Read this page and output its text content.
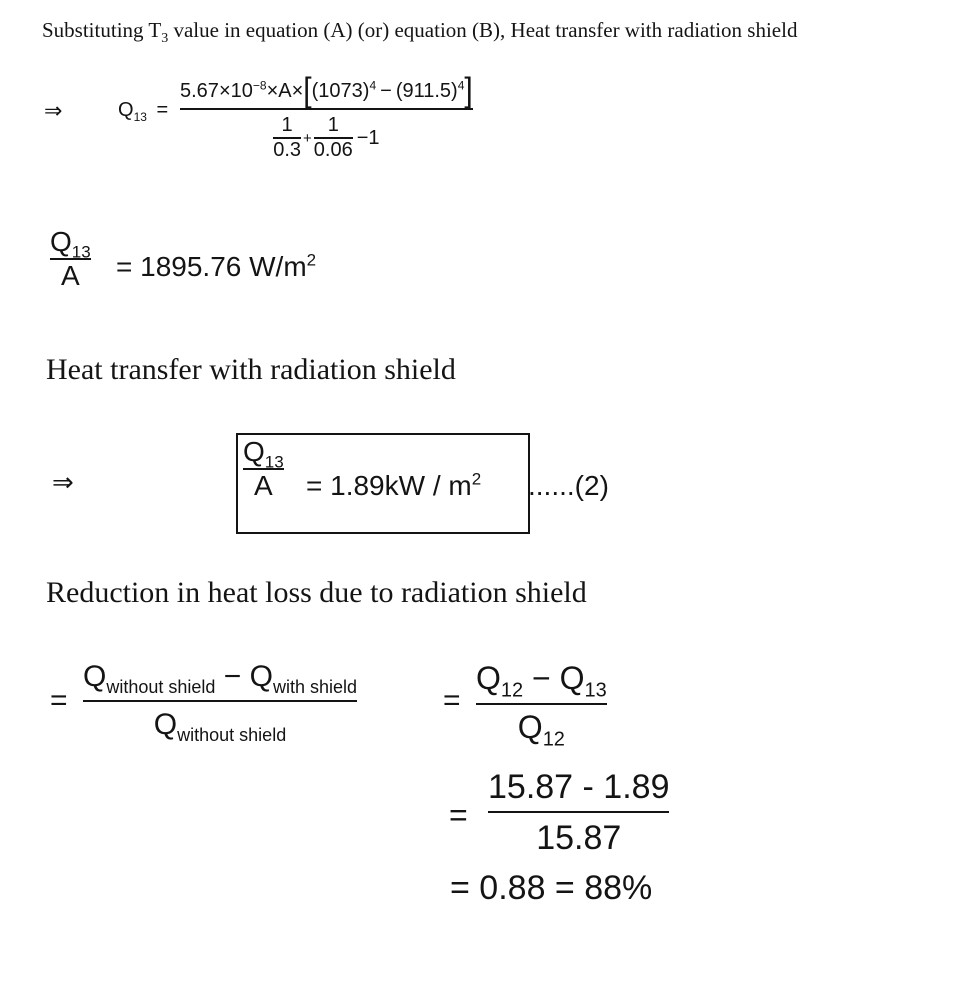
Substituting $T_3$ value in equation (A) (or) equation (B), Heat transfer with radiation shield
⇒	$Q_{13}$ =
$5.67\times 10^{-8}\times A\times[(1073)^4 - (911.5)^4]$
$\frac{1}{0.3} + \frac{1}{0.06} -1$
$Q_{13}$
A = 1895.76 $W/m^2$
Heat transfer with radiation shield
⇒
$Q_{13}$
$A = 1.89kW / m^2$ ......(2)
Reduction in heat loss due to radiation shield
=
$Q_{without shield} - Q_{with shield}$
$Q_{without shield}$
=
$Q_{12} - Q_{13}$
$Q_{12}$
=
15.87 - 1.89
15.87
= 0.88 = 88%
